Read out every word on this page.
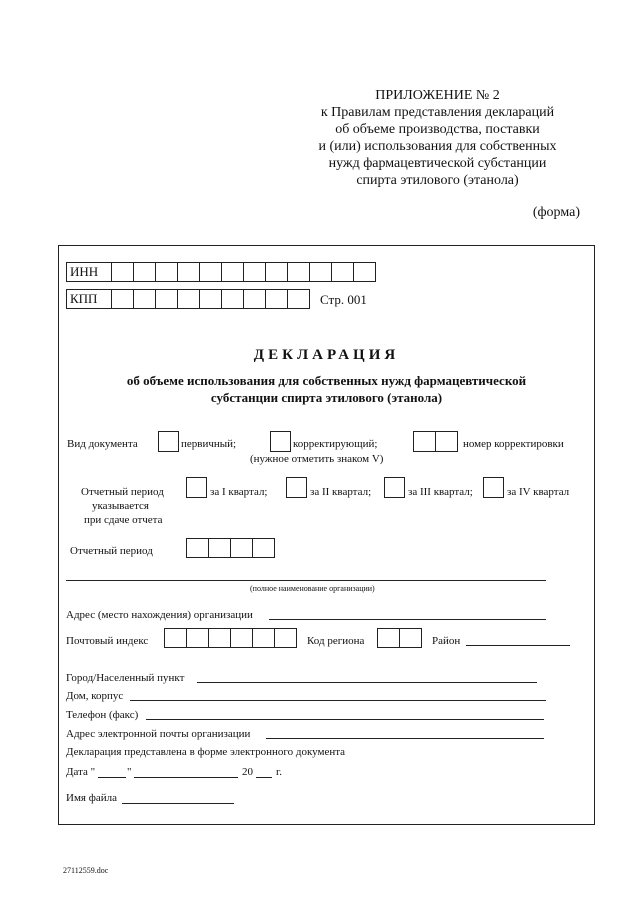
ПРИЛОЖЕНИЕ № 2
к Правилам представления деклараций
об объеме производства, поставки
и (или) использования для собственных
нужд фармацевтической субстанции
спирта этилового (этанола)
(форма)
ИНН
КПП	Стр. 001
ДЕКЛАРАЦИЯ
об объеме использования для собственных нужд фармацевтической
субстанции спирта этилового (этанола)
Вид документа	первичный;	корректирующий;
(нужное отметить знаком V)
номер корректировки
Отчетный период
указывается
при сдаче отчета
за I квартал;	за II квартал;	за III квартал;	за IV квартал
Отчетный период
(полное наименование организации)
Адрес (место нахождения) организации
Почтовый индекс	Код региона	Район
Город/Населенный пункт
Дом, корпус
Телефон (факс)
Адрес электронной почты организации
Декларация представлена в форме электронного документа
Дата "	"	20 г.
Имя файла
27112559.doc
